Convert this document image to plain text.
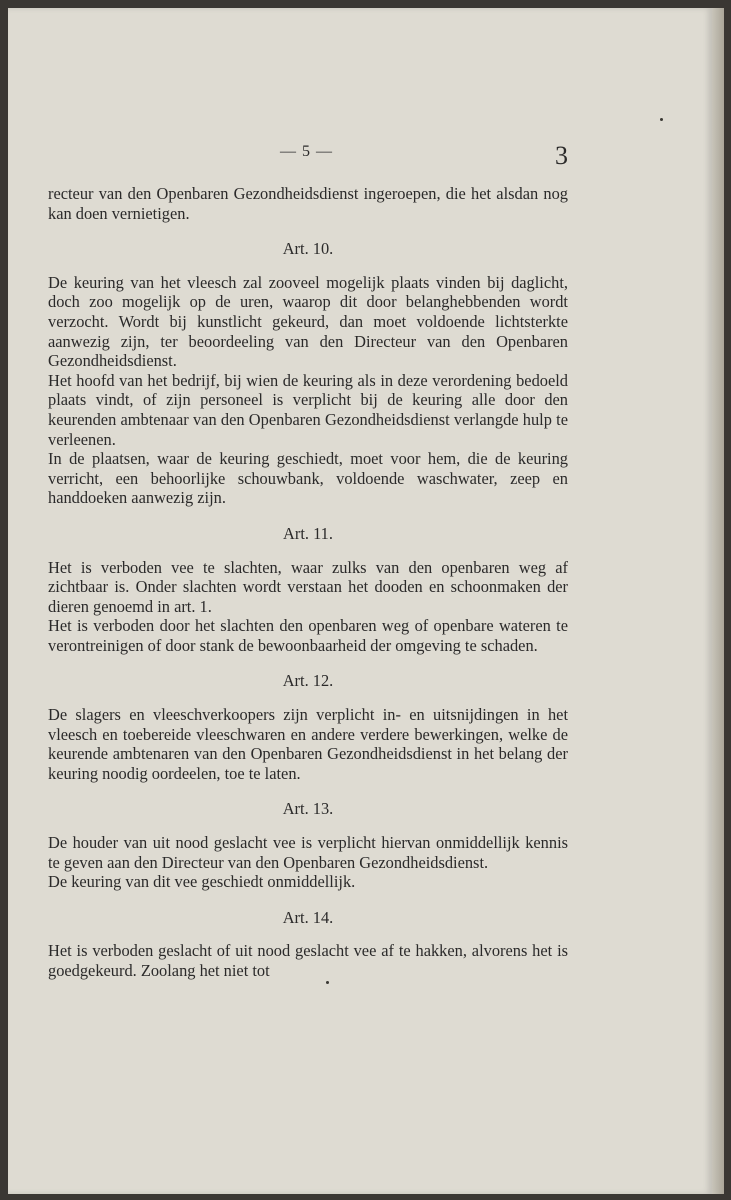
— 5 —	3

recteur van den Openbaren Gezondheidsdienst ingeroepen, die het alsdan nog kan doen vernietigen.

Art. 10.

De keuring van het vleesch zal zooveel mogelijk plaats vinden bij daglicht, doch zoo mogelijk op de uren, waarop dit door belanghebbenden wordt verzocht. Wordt bij kunstlicht gekeurd, dan moet voldoende lichtsterkte aanwezig zijn, ter beoordeeling van den Directeur van den Openbaren Gezondheidsdienst.

Het hoofd van het bedrijf, bij wien de keuring als in deze verordening bedoeld plaats vindt, of zijn personeel is verplicht bij de keuring alle door den keurenden ambtenaar van den Openbaren Gezondheidsdienst verlangde hulp te verleenen.

In de plaatsen, waar de keuring geschiedt, moet voor hem, die de keuring verricht, een behoorlijke schouwbank, voldoende waschwater, zeep en handdoeken aanwezig zijn.

Art. 11.

Het is verboden vee te slachten, waar zulks van den openbaren weg af zichtbaar is. Onder slachten wordt verstaan het dooden en schoonmaken der dieren genoemd in art. 1.

Het is verboden door het slachten den openbaren weg of openbare wateren te verontreinigen of door stank de bewoonbaarheid der omgeving te schaden.

Art. 12.

De slagers en vleeschverkoopers zijn verplicht in- en uitsnijdingen in het vleesch en toebereide vleeschwaren en andere verdere bewerkingen, welke de keurende ambtenaren van den Openbaren Gezondheidsdienst in het belang der keuring noodig oordeelen, toe te laten.

Art. 13.

De houder van uit nood geslacht vee is verplicht hiervan onmiddellijk kennis te geven aan den Directeur van den Openbaren Gezondheidsdienst.

De keuring van dit vee geschiedt onmiddellijk.

Art. 14.

Het is verboden geslacht of uit nood geslacht vee af te hakken, alvorens het is goedgekeurd. Zoolang het niet tot
